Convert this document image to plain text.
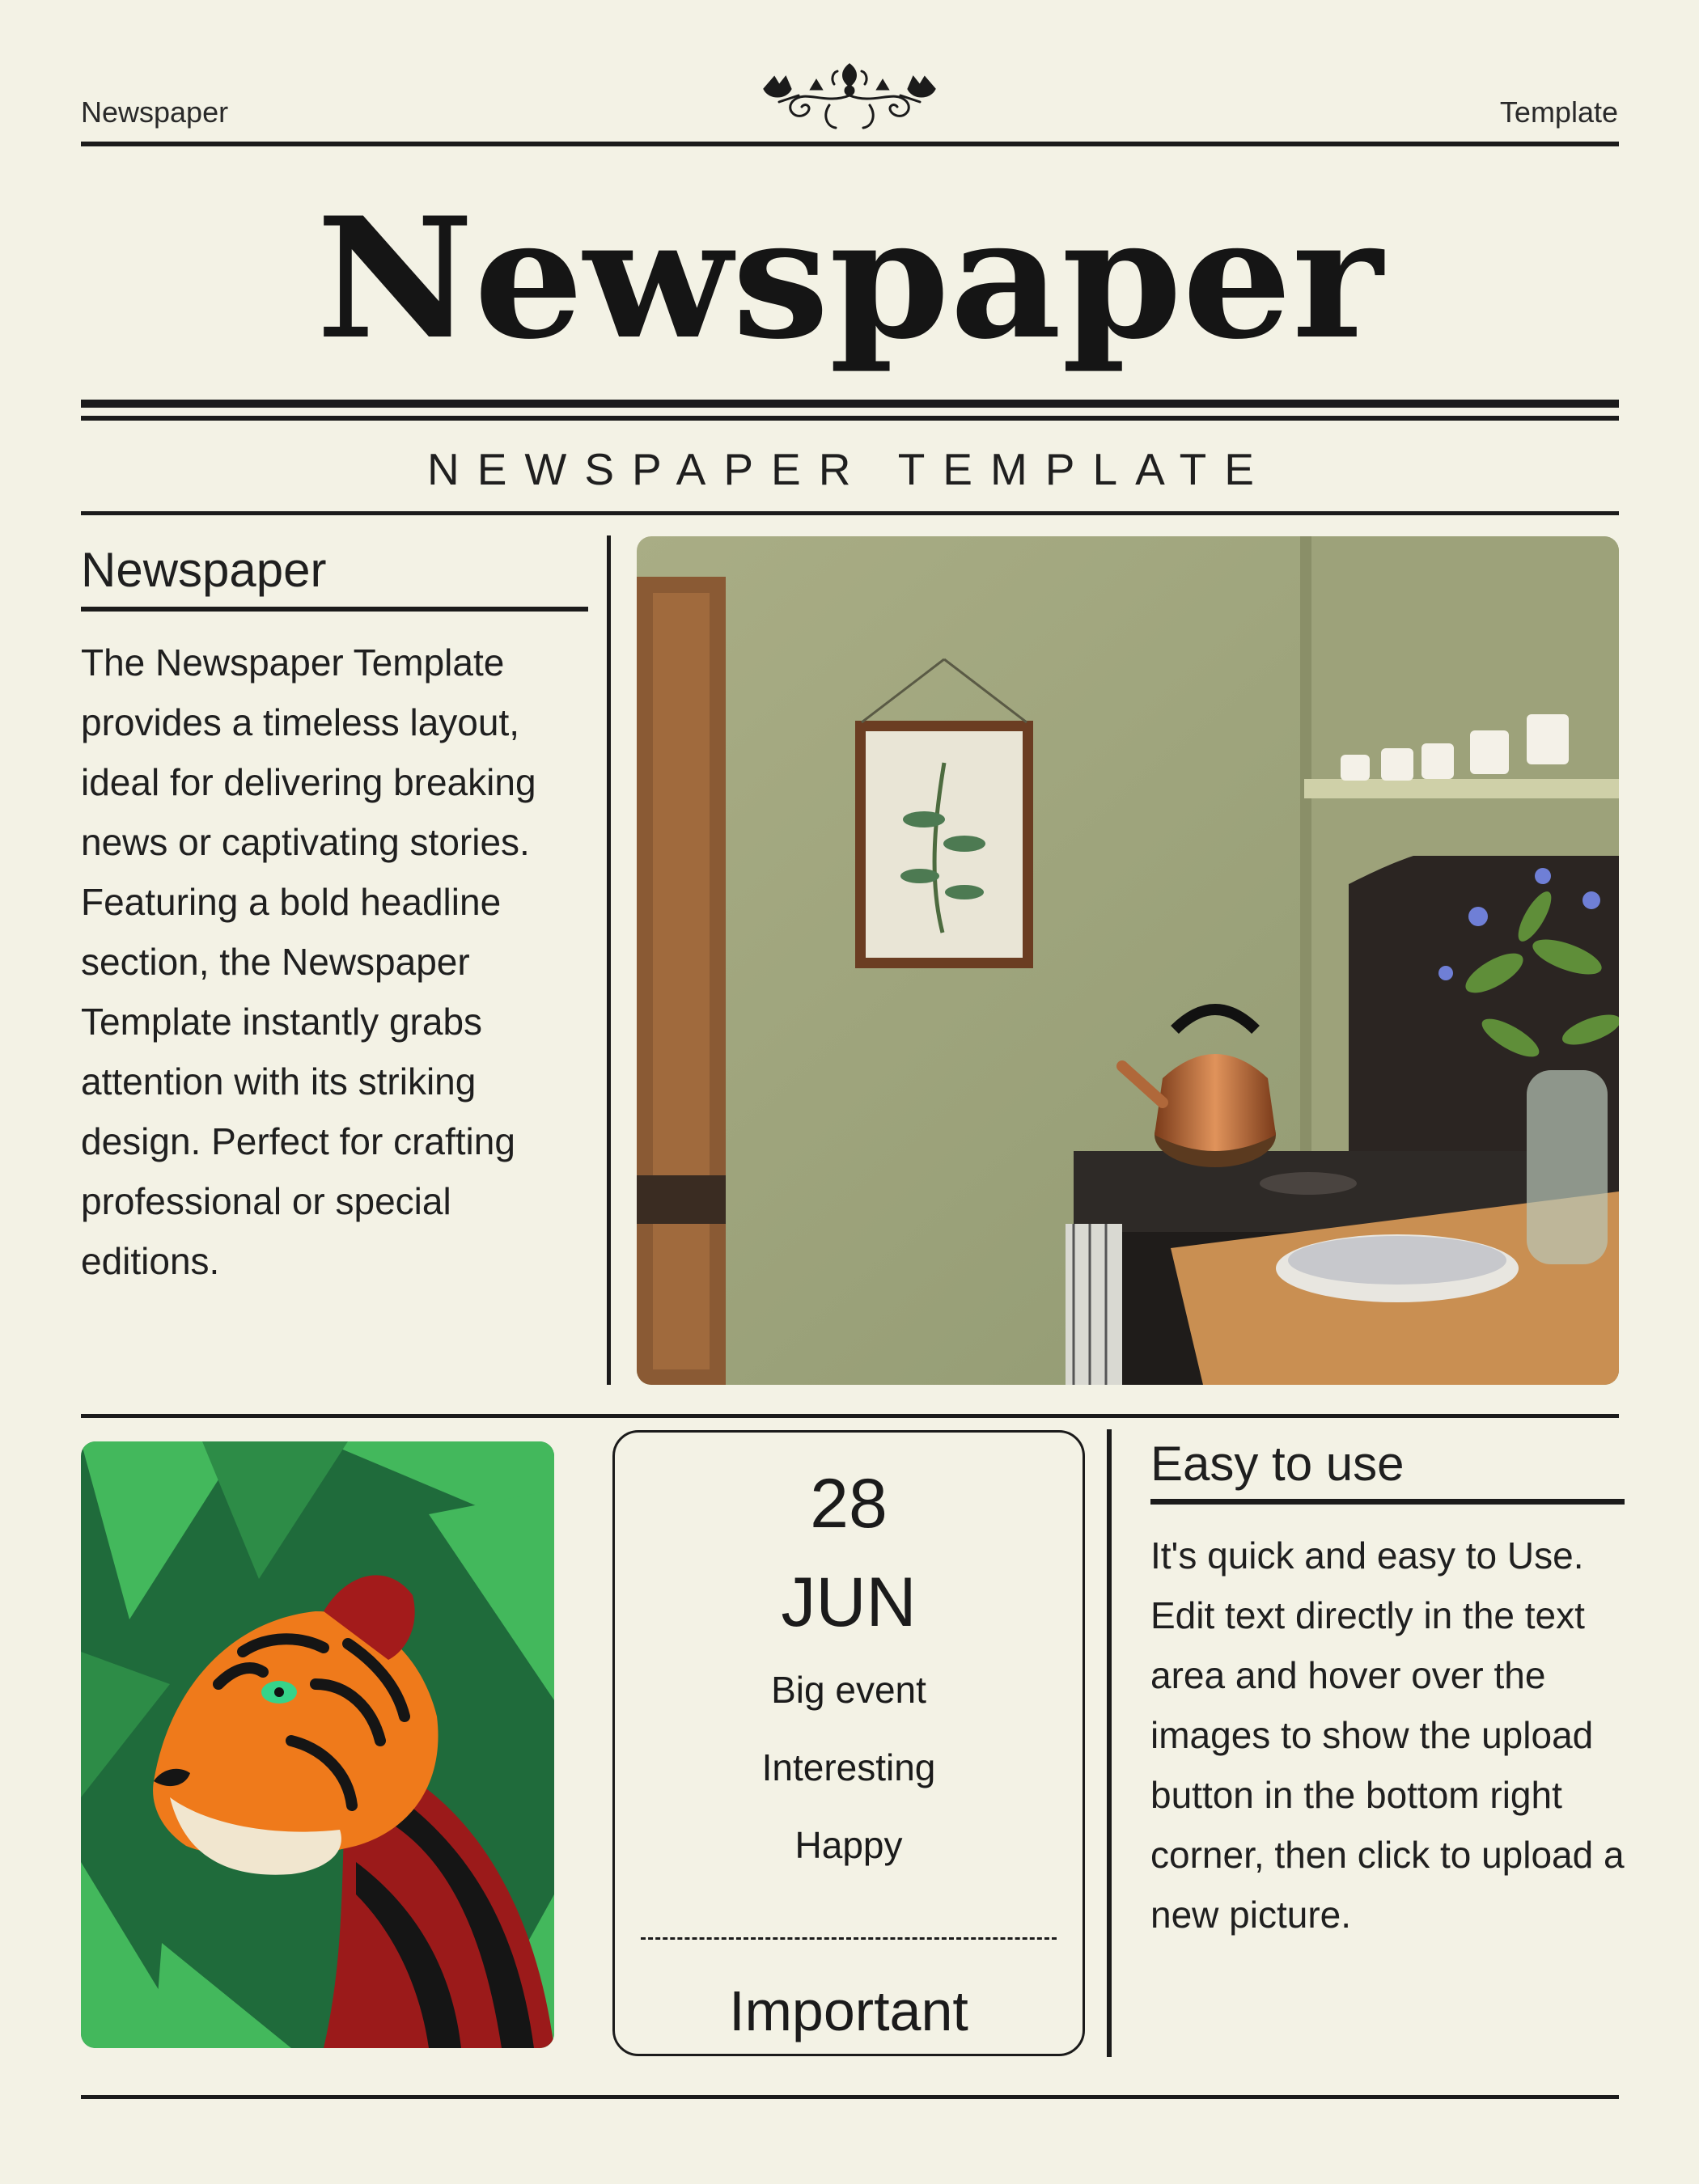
Newspaper	Template
Newspaper
NEWSPAPER TEMPLATE
Newspaper
The Newspaper Template provides a timeless layout, ideal for delivering breaking news or captivating stories. Featuring a bold headline section, the Newspaper Template instantly grabs attention with its striking design. Perfect for crafting professional or special editions.
28
JUN
Big event
Interesting
Happy
Important
Easy to use
It's quick and easy to Use. Edit text directly in the text area and hover over the images to show the upload button in the bottom right corner, then click to upload a new picture.
